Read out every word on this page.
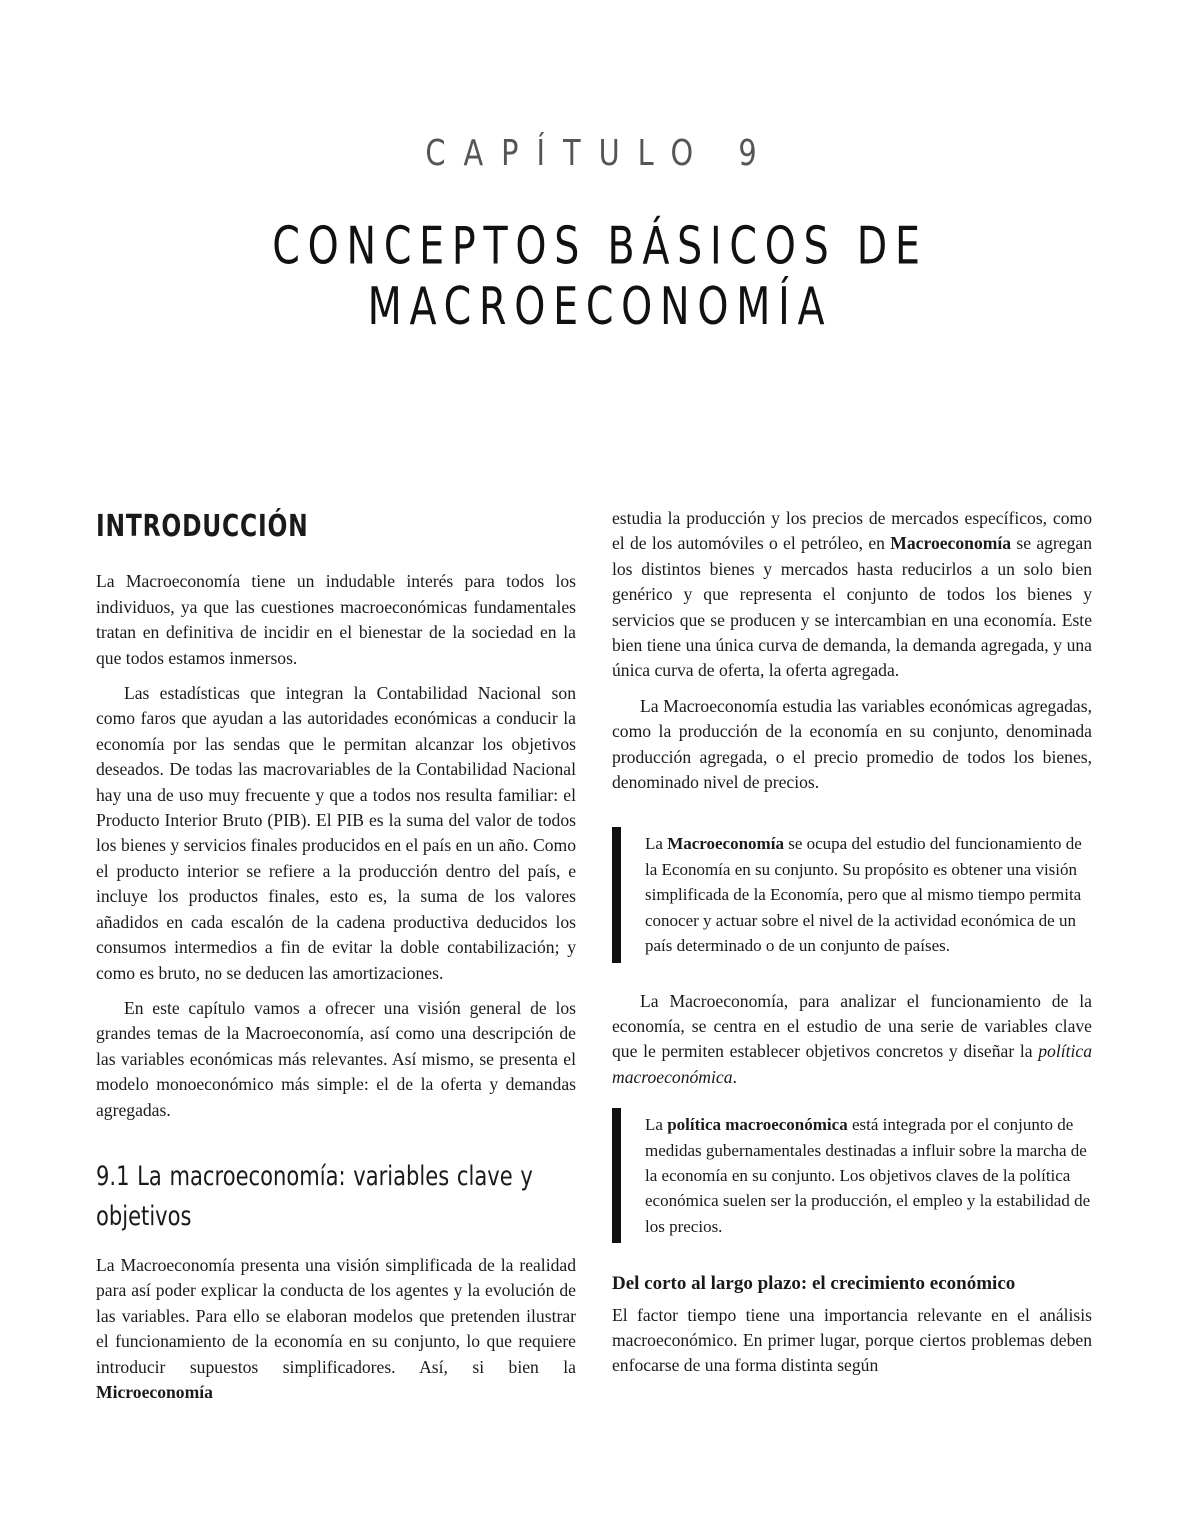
CAPÍTULO 9
CONCEPTOS BÁSICOS DE MACROECONOMÍA
INTRODUCCIÓN

La Macroeconomía tiene un indudable interés para todos los individuos, ya que las cuestiones macroeconómicas fundamentales tratan en definitiva de incidir en el bienestar de la sociedad en la que todos estamos inmersos.

Las estadísticas que integran la Contabilidad Nacional son como faros que ayudan a las autoridades económicas a conducir la economía por las sendas que le permitan alcanzar los objetivos deseados. De todas las macrovariables de la Contabilidad Nacional hay una de uso muy frecuente y que a todos nos resulta familiar: el Producto Interior Bruto (PIB). El PIB es la suma del valor de todos los bienes y servicios finales producidos en el país en un año. Como el producto interior se refiere a la producción dentro del país, e incluye los productos finales, esto es, la suma de los valores añadidos en cada escalón de la cadena productiva deducidos los consumos intermedios a fin de evitar la doble contabilización; y como es bruto, no se deducen las amortizaciones.

En este capítulo vamos a ofrecer una visión general de los grandes temas de la Macroeconomía, así como una descripción de las variables económicas más relevantes. Así mismo, se presenta el modelo monoeconómico más simple: el de la oferta y demandas agregadas.

9.1 La macroeconomía: variables clave y objetivos

La Macroeconomía presenta una visión simplificada de la realidad para así poder explicar la conducta de los agentes y la evolución de las variables. Para ello se elaboran modelos que pretenden ilustrar el funcionamiento de la economía en su conjunto, lo que requiere introducir supuestos simplificadores. Así, si bien la Microeconomía

estudia la producción y los precios de mercados específicos, como el de los automóviles o el petróleo, en Macroeconomía se agregan los distintos bienes y mercados hasta reducirlos a un solo bien genérico y que representa el conjunto de todos los bienes y servicios que se producen y se intercambian en una economía. Este bien tiene una única curva de demanda, la demanda agregada, y una única curva de oferta, la oferta agregada.

La Macroeconomía estudia las variables económicas agregadas, como la producción de la economía en su conjunto, denominada producción agregada, o el precio promedio de todos los bienes, denominado nivel de precios.

La Macroeconomía se ocupa del estudio del funcionamiento de la Economía en su conjunto. Su propósito es obtener una visión simplificada de la Economía, pero que al mismo tiempo permita conocer y actuar sobre el nivel de la actividad económica de un país determinado o de un conjunto de países.

La Macroeconomía, para analizar el funcionamiento de la economía, se centra en el estudio de una serie de variables clave que le permiten establecer objetivos concretos y diseñar la política macroeconómica.

La política macroeconómica está integrada por el conjunto de medidas gubernamentales destinadas a influir sobre la marcha de la economía en su conjunto. Los objetivos claves de la política económica suelen ser la producción, el empleo y la estabilidad de los precios.
Del corto al largo plazo: el crecimiento económico

El factor tiempo tiene una importancia relevante en el análisis macroeconómico. En primer lugar, porque ciertos problemas deben enfocarse de una forma distinta según
